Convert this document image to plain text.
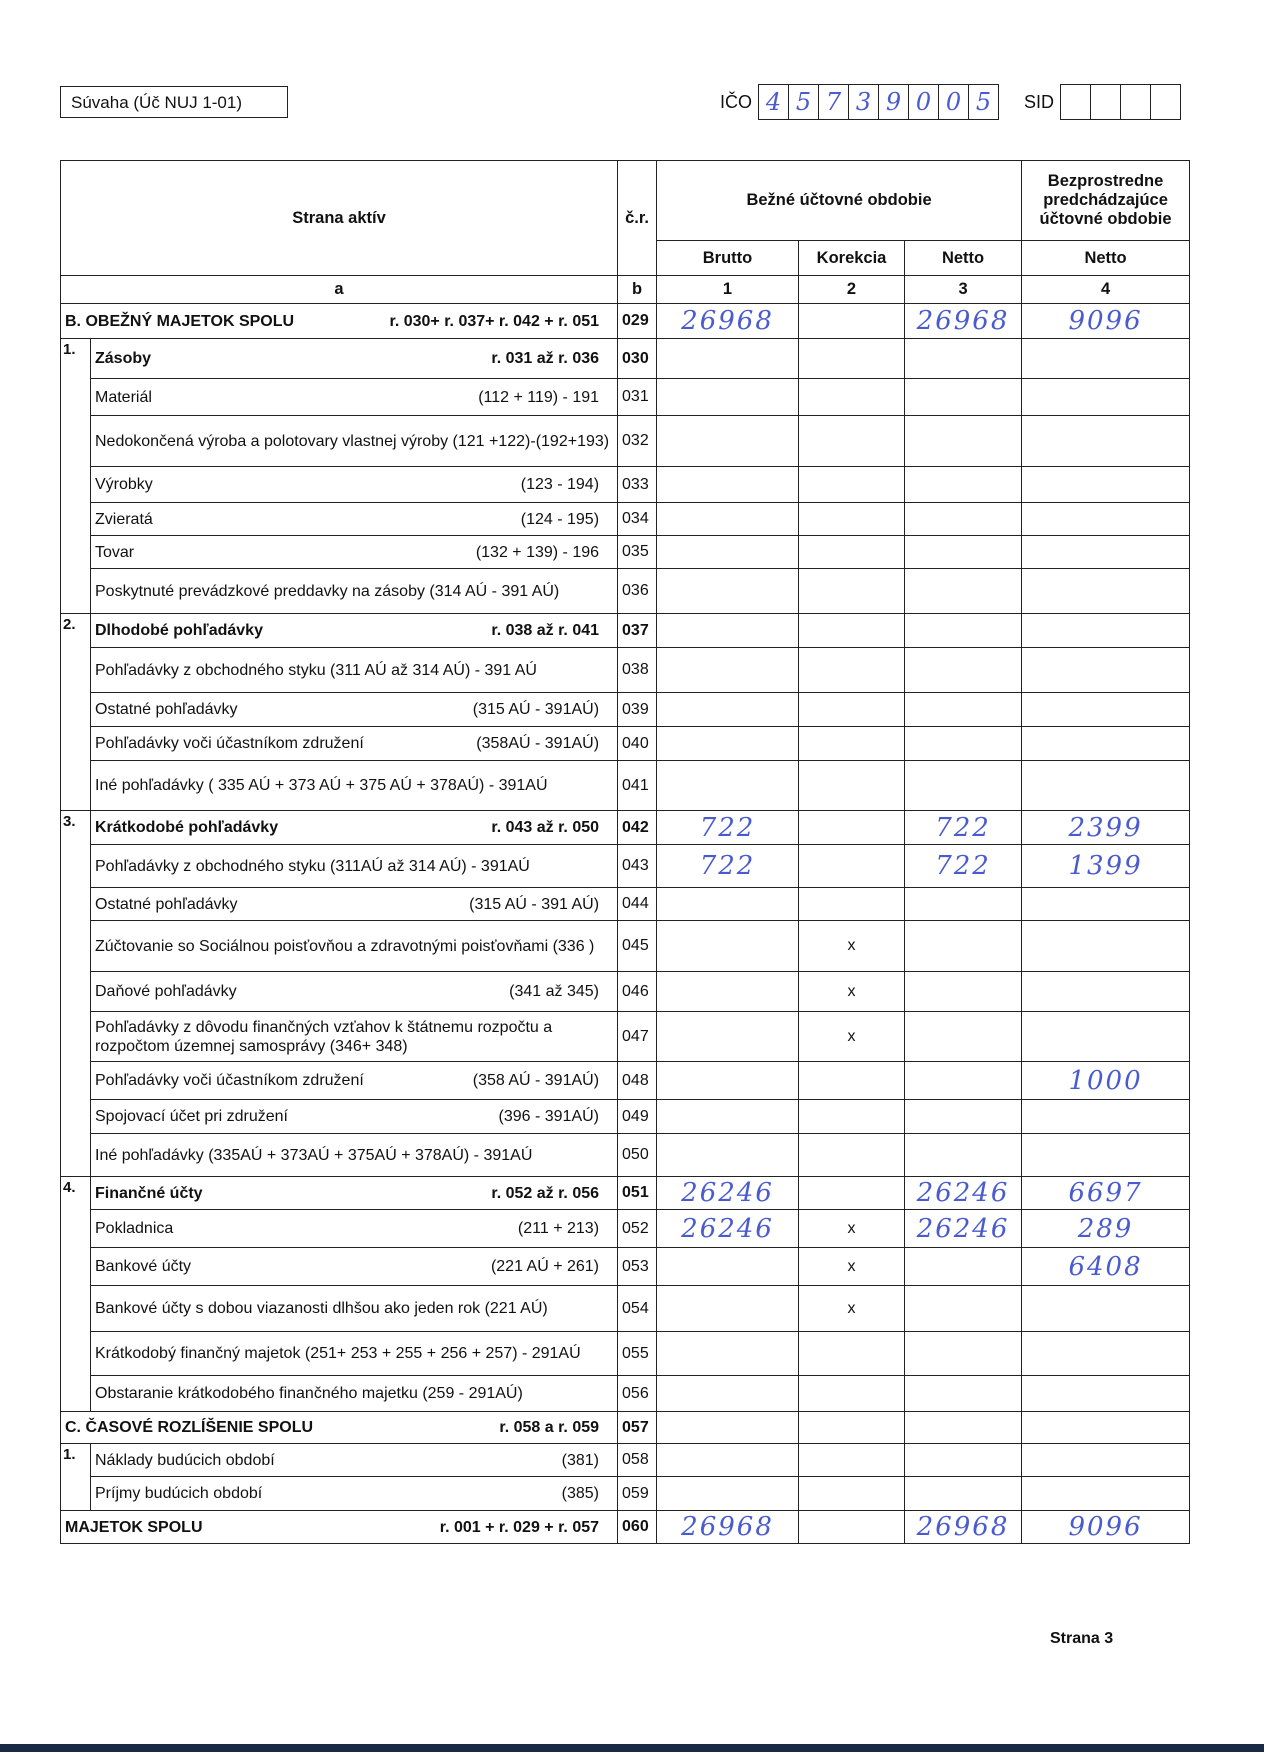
Súvaha (Úč NUJ 1-01)	IČO 4 5 7 3 9 0 0 5	SID
Strana aktív		č.r.	Bežné účtovné obdobie			Bezprostredne predchádzajúce účtovné obdobie
			Brutto	Korekcia	Netto	Netto
a		b	1	2	3	4

B. OBEŽNÝ MAJETOK SPOLU r. 030+ r. 037+ r. 042 + r. 051		029	26968		26968	9096
1.	Zásoby r. 031 až r. 036	030				

	Materiál (112 + 119) - 191	031				

	Nedokončená výroba a polotovary vlastnej výroby (121 +122)-(192+193)	032				

	Výrobky (123 - 194)	033				

	Zvieratá (124 - 195)	034				

	Tovar (132 + 139) - 196	035				

	Poskytnuté prevádzkové preddavky na zásoby (314 AÚ - 391 AÚ)	036				
2.	Dlhodobé pohľadávky r. 038 až r. 041	037				

	Pohľadávky z obchodného styku (311 AÚ až 314 AÚ) - 391 AÚ	038				

	Ostatné pohľadávky (315 AÚ - 391AÚ)	039				

	Pohľadávky voči účastníkom združení (358AÚ - 391AÚ)	040				

	Iné pohľadávky ( 335 AÚ + 373 AÚ + 375 AÚ + 378AÚ) - 391AÚ	041				
3.	Krátkodobé pohľadávky r. 043 až r. 050	042	722		722	2399

	Pohľadávky z obchodného styku (311AÚ až 314 AÚ) - 391AÚ	043	722		722	1399

	Ostatné pohľadávky (315 AÚ - 391 AÚ)	044				

	Zúčtovanie so Sociálnou poisťovňou a zdravotnými poisťovňami (336 )	045		x		

	Daňové pohľadávky (341 až 345)	046		x		

	Pohľadávky z dôvodu finančných vzťahov k štátnemu rozpočtu a rozpočtom územnej samosprávy (346+ 348)	047		x		

	Pohľadávky voči účastníkom združení (358 AÚ - 391AÚ)	048				1000

	Spojovací účet pri združení (396 - 391AÚ)	049				

	Iné pohľadávky (335AÚ + 373AÚ + 375AÚ + 378AÚ) - 391AÚ	050				
4.	Finančné účty r. 052 až r. 056	051	26246		26246	6697

	Pokladnica (211 + 213)	052	26246	x	26246	289

	Bankové účty (221 AÚ + 261)	053		x		6408

	Bankové účty s dobou viazanosti dlhšou ako jeden rok (221 AÚ)	054		x		

	Krátkodobý finančný majetok (251+ 253 + 255 + 256 + 257) - 291AÚ	055				

	Obstaranie krátkodobého finančného majetku (259 - 291AÚ)	056				

C. ČASOVÉ ROZLÍŠENIE SPOLU r. 058 a r. 059		057				
1.	Náklady budúcich období (381)	058				

	Príjmy budúcich období (385)	059				

MAJETOK SPOLU r. 001 + r. 029 + r. 057		060	26968		26968	9096
Strana 3
